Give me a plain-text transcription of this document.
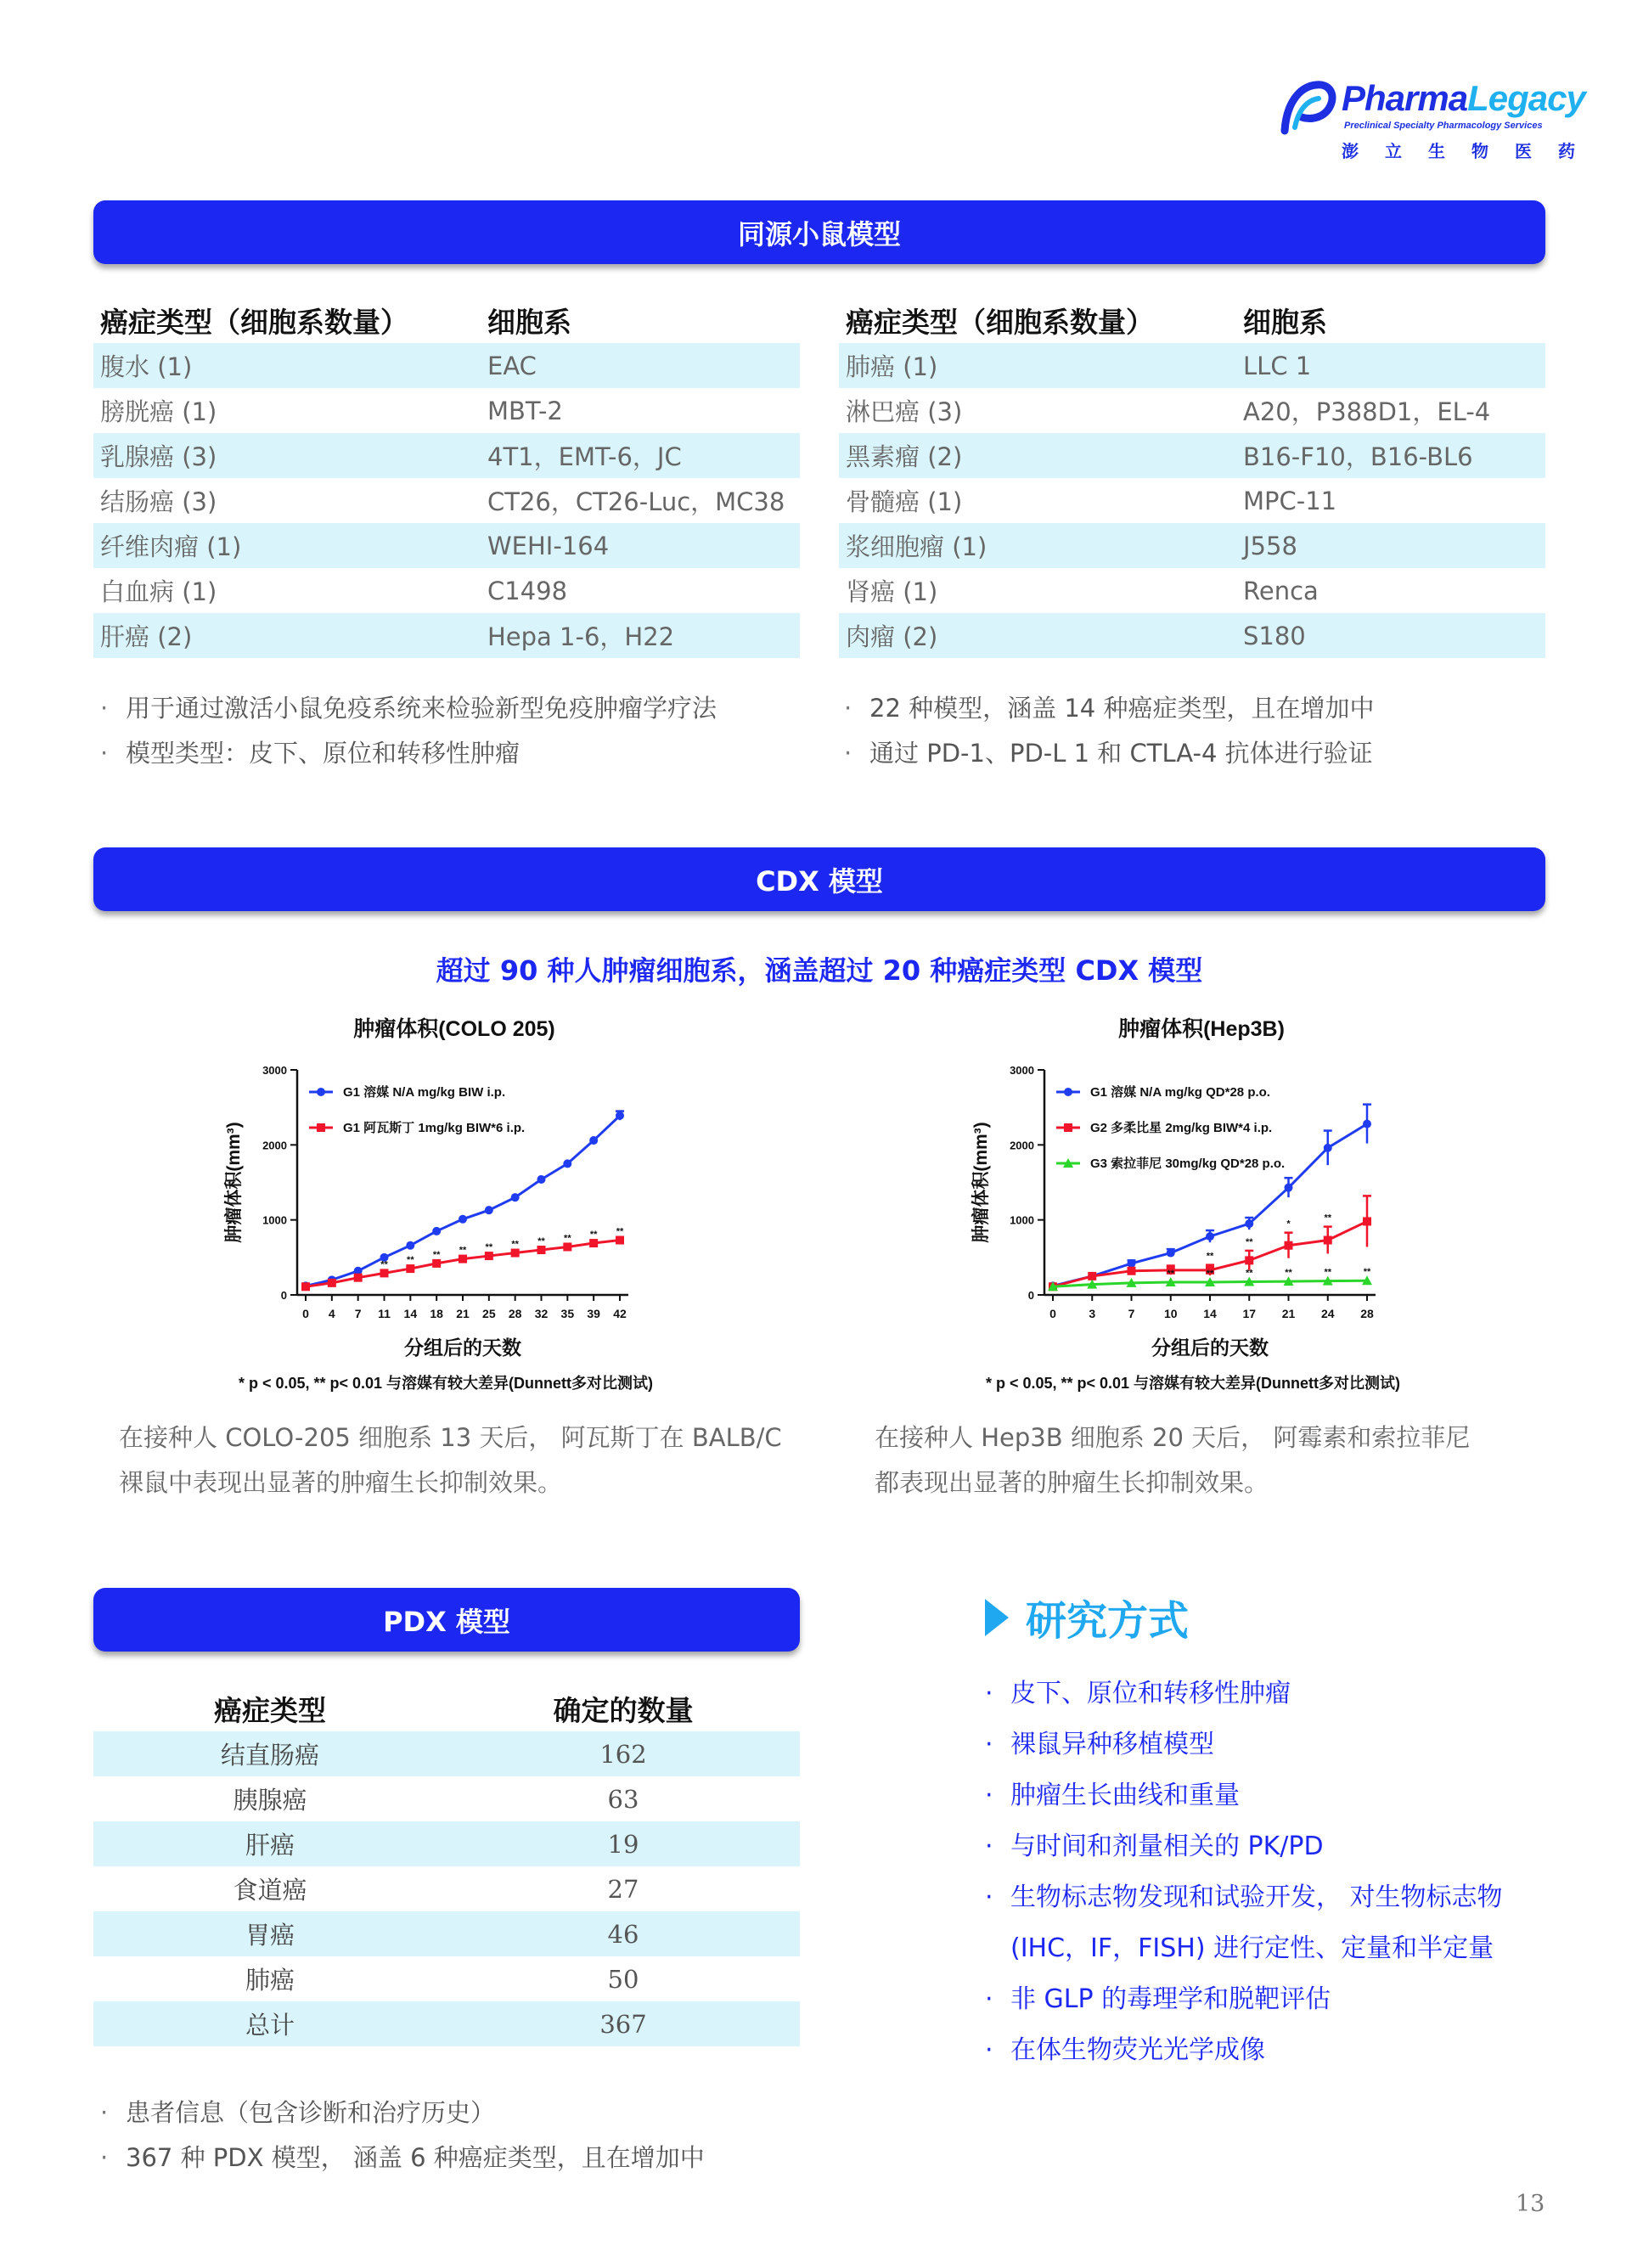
PharmaLegacy
Preclinical Specialty Pharmacology Services
澎 立 生 物 医 药
同源小鼠模型
癌症类型（细胞系数量）	细胞系
腹水 (1)	EAC
膀胱癌 (1)	MBT-2
乳腺癌 (3)	4T1，EMT-6，JC
结肠癌 (3)	CT26，CT26-Luc，MC38
纤维肉瘤 (1)	WEHI-164
白血病 (1)	C1498
肝癌 (2)	Hepa 1-6，H22
癌症类型（细胞系数量）	细胞系
肺癌 (1)	LLC 1
淋巴癌 (3)	A20，P388D1，EL-4
黑素瘤 (2)	B16-F10，B16-BL6
骨髓癌 (1)	MPC-11
浆细胞瘤 (1)	J558
肾癌 (1)	Renca
肉瘤 (2)	S180
· 用于通过激活小鼠免疫系统来检验新型免疫肿瘤学疗法
· 模型类型：皮下、原位和转移性肿瘤
· 22 种模型，涵盖 14 种癌症类型，且在增加中
· 通过 PD-1、PD-L 1 和 CTLA-4 抗体进行验证
CDX 模型
超过 90 种人肿瘤细胞系，涵盖超过 20 种癌症类型 CDX 模型
肿瘤体积(COLO 205)
0
1000
2000
3000
0 4 7 11 14 18 21 25 28 32 35 39 42
分组后的天数
肿瘤体积(mm³)
G1 溶媒 N/A mg/kg BIW i.p.
** **
** ** ** ** ** ** ** **
G1 阿瓦斯丁 1mg/kg BIW*6 i.p.
* p < 0.05, ** p< 0.01 与溶媒有较大差异(Dunnett多对比测试)
肿瘤体积(Hep3B)
0
1000
2000
3000
0	3	7 10 14 17 21 24 28
分组后的天数
肿瘤体积(mm³)
G1 溶媒 N/A mg/kg QD*28 p.o.
**
**
*
**
G2 多柔比星 2mg/kg BIW*4 i.p.
**	**	**	**	**	**
G3 索拉菲尼 30mg/kg QD*28 p.o.
* p < 0.05, ** p< 0.01 与溶媒有较大差异(Dunnett多对比测试)
在接种人 COLO-205 细胞系 13 天后， 阿瓦斯丁在 BALB/C
裸鼠中表现出显著的肿瘤生长抑制效果。
在接种人 Hep3B 细胞系 20 天后， 阿霉素和索拉菲尼
都表现出显著的肿瘤生长抑制效果。
PDX 模型
癌症类型	确定的数量
结直肠癌	162
胰腺癌	63
肝癌	19
食道癌	27
胃癌	46
肺癌	50
总计	367
· 患者信息（包含诊断和治疗历史）
· 367 种 PDX 模型， 涵盖 6 种癌症类型，且在增加中
研究方式
· 皮下、原位和转移性肿瘤
· 裸鼠异种移植模型
· 肿瘤生长曲线和重量
· 与时间和剂量相关的 PK/PD
· 生物标志物发现和试验开发， 对生物标志物
(IHC，IF，FISH) 进行定性、定量和半定量
· 非 GLP 的毒理学和脱靶评估
· 在体生物荧光光学成像
13
